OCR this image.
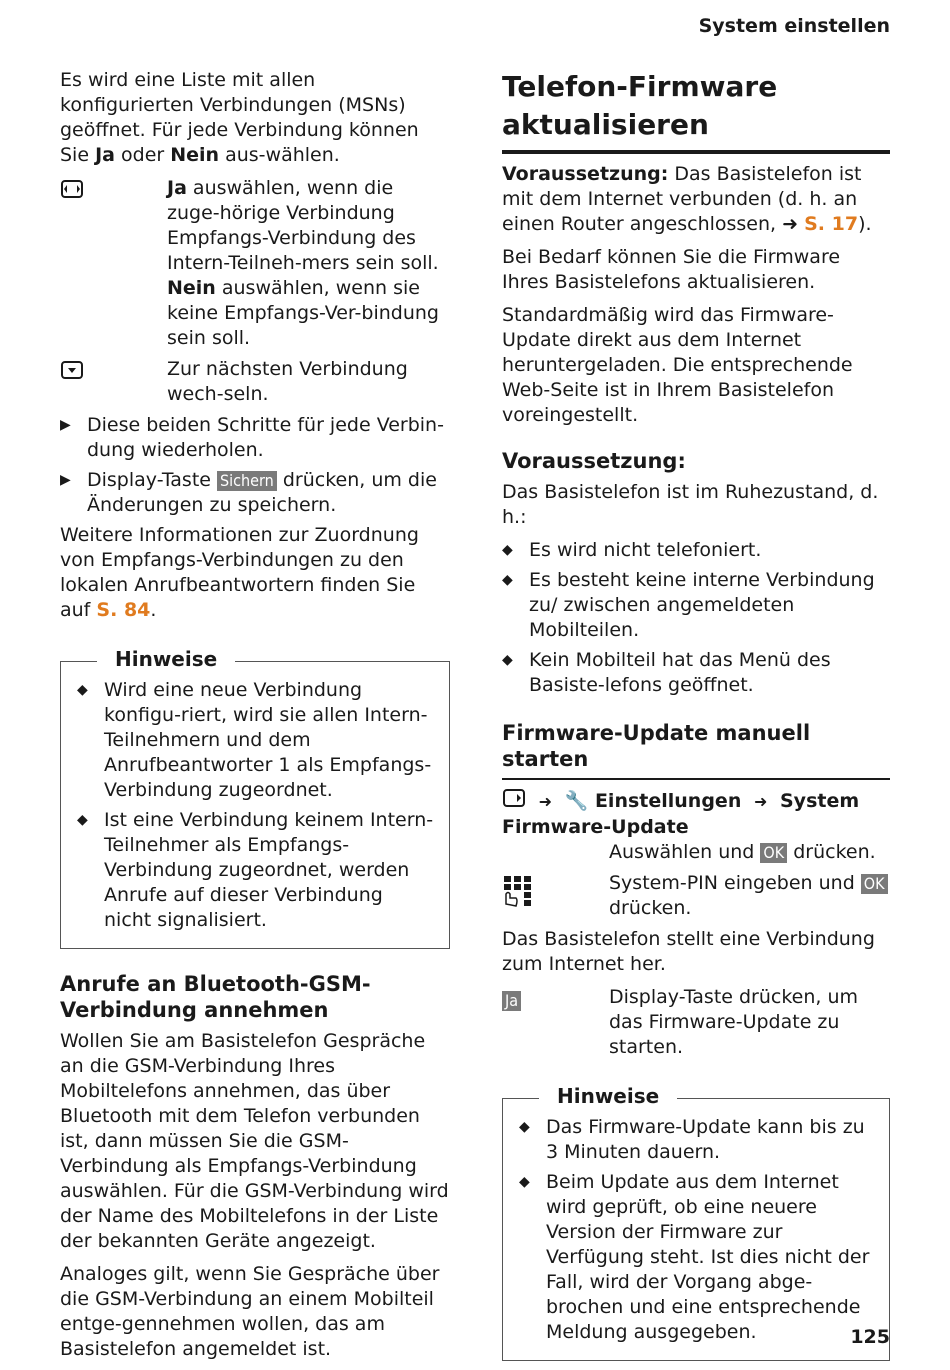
System einstellen

Es wird eine Liste mit allen konfigurierten Verbindungen (MSNs) geöffnet. Für jede Verbindung können Sie Ja oder Nein aus-wählen.

Ja auswählen, wenn die zuge-hörige Verbindung Empfangs-Verbindung des Intern-Teilneh-mers sein soll. Nein auswählen, wenn sie keine Empfangs-Ver-bindung sein soll.
Zur nächsten Verbindung wech-seln.
▶ Diese beiden Schritte für jede Verbin-dung wiederholen.
▶ Display-Taste Sichern drücken, um die Änderungen zu speichern.

Weitere Informationen zur Zuordnung von Empfangs-Verbindungen zu den lokalen Anrufbeantwortern finden Sie auf S. 84.

Hinweise
◆ Wird eine neue Verbindung konfigu-riert, wird sie allen Intern-Teilnehmern und dem Anrufbeantworter 1 als Empfangs-Verbindung zugeordnet.
◆ Ist eine Verbindung keinem Intern-Teilnehmer als Empfangs-Verbindung zugeordnet, werden Anrufe auf dieser Verbindung nicht signalisiert.
Anrufe an Bluetooth-GSM-Verbindung annehmen

Wollen Sie am Basistelefon Gespräche an die GSM-Verbindung Ihres Mobiltelefons annehmen, das über Bluetooth mit dem Telefon verbunden ist, dann müssen Sie die GSM-Verbindung als Empfangs-Verbindung auswählen. Für die GSM-Verbindung wird der Name des Mobiltelefons in der Liste der bekannten Geräte angezeigt.

Analoges gilt, wenn Sie Gespräche über die GSM-Verbindung an einem Mobilteil entge-gennehmen wollen, das am Basistelefon angemeldet ist.

Telefon-Firmware aktualisieren

Voraussetzung: Das Basistelefon ist mit dem Internet verbunden (d. h. an einen Router angeschlossen, ➜ S. 17).

Bei Bedarf können Sie die Firmware Ihres Basistelefons aktualisieren.

Standardmäßig wird das Firmware-Update direkt aus dem Internet heruntergeladen. Die entsprechende Web-Seite ist in Ihrem Basistelefon voreingestellt.

Voraussetzung:

Das Basistelefon ist im Ruhezustand, d. h.:

◆ Es wird nicht telefoniert.
◆ Es besteht keine interne Verbindung zu/ zwischen angemeldeten Mobilteilen.
◆ Kein Mobilteil hat das Menü des Basiste-lefons geöffnet.
Firmware-Update manuell starten
➜ 🔧 Einstellungen ➜ System
Firmware-Update
Auswählen und OK drücken.
System-PIN eingeben und OK drücken.

Das Basistelefon stellt eine Verbindung zum Internet her.

Ja	Display-Taste drücken, um das Firmware-Update zu starten.
Hinweise
◆ Das Firmware-Update kann bis zu 3 Minuten dauern.
◆ Beim Update aus dem Internet wird geprüft, ob eine neuere Version der Firmware zur Verfügung steht. Ist dies nicht der Fall, wird der Vorgang abge-brochen und eine entsprechende Meldung ausgegeben.	125
